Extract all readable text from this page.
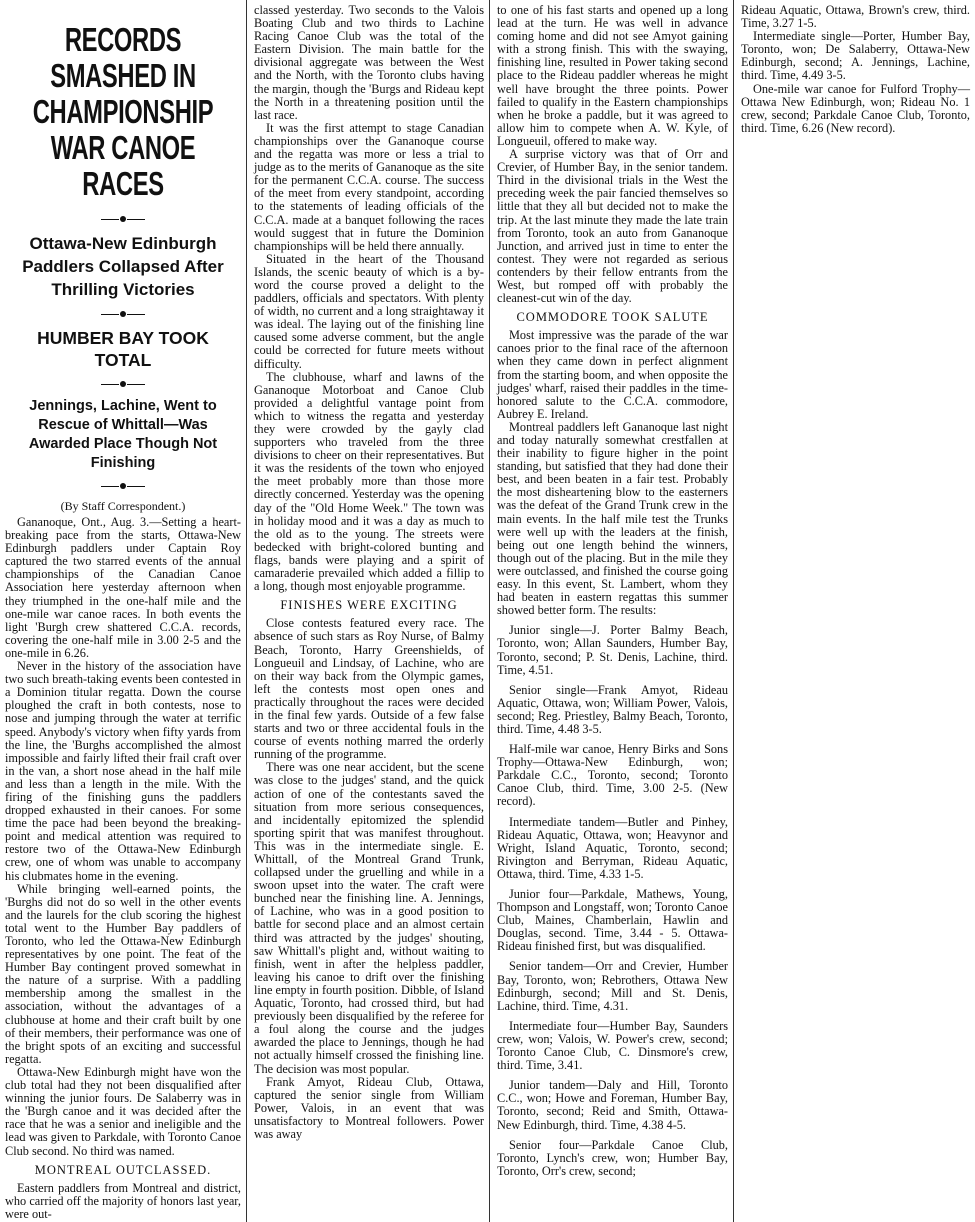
RECORDS SMASHED IN CHAMPIONSHIP WAR CANOE RACES
Ottawa-New Edinburgh Paddlers Collapsed After Thrilling Victories
HUMBER BAY TOOK TOTAL
Jennings, Lachine, Went to Rescue of Whittall—Was Awarded Place Though Not Finishing
(By Staff Correspondent.)

Gananoque, Ont., Aug. 3.—Setting a heart-breaking pace from the starts, Ottawa-New Edinburgh paddlers under Captain Roy captured the two starred events of the annual championships of the Canadian Canoe Association here yesterday afternoon when they triumphed in the one-half mile and the one-mile war canoe races. In both events the light 'Burgh crew shattered C.C.A. records, covering the one-half mile in 3.00 2-5 and the one-mile in 6.26.

Never in the history of the association have two such breath-taking events been contested in a Dominion titular regatta. Down the course ploughed the craft in both contests, nose to nose and jumping through the water at terrific speed. Anybody's victory when fifty yards from the line, the 'Burghs accomplished the almost impossible and fairly lifted their frail craft over in the van, a short nose ahead in the half mile and less than a length in the mile. With the firing of the finishing guns the paddlers dropped exhausted in their canoes. For some time the pace had been beyond the breaking-point and medical attention was required to restore two of the Ottawa-New Edinburgh crew, one of whom was unable to accompany his clubmates home in the evening.

While bringing well-earned points, the 'Burghs did not do so well in the other events and the laurels for the club scoring the highest total went to the Humber Bay paddlers of Toronto, who led the Ottawa-New Edinburgh representatives by one point. The feat of the Humber Bay contingent proved somewhat in the nature of a surprise. With a paddling membership among the smallest in the association, without the advantages of a clubhouse at home and their craft built by one of their members, their performance was one of the bright spots of an exciting and successful regatta.

Ottawa-New Edinburgh might have won the club total had they not been disqualified after winning the junior fours. De Salaberry was in the 'Burgh canoe and it was decided after the race that he was a senior and ineligible and the lead was given to Parkdale, with Toronto Canoe Club second. No third was named.

MONTREAL OUTCLASSED.

Eastern paddlers from Montreal and district, who carried off the majority of honors last year, were out-

classed yesterday. Two seconds to the Valois Boating Club and two thirds to Lachine Racing Canoe Club was the total of the Eastern Division. The main battle for the divisional aggregate was between the West and the North, with the Toronto clubs having the margin, though the 'Burgs and Rideau kept the North in a threatening position until the last race.

It was the first attempt to stage Canadian championships over the Gananoque course and the regatta was more or less a trial to judge as to the merits of Gananoque as the site for the permanent C.C.A. course. The success of the meet from every standpoint, according to the statements of leading officials of the C.C.A. made at a banquet following the races would suggest that in future the Dominion championships will be held there annually.

Situated in the heart of the Thousand Islands, the scenic beauty of which is a by-word the course proved a delight to the paddlers, officials and spectators. With plenty of width, no current and a long straightaway it was ideal. The laying out of the finishing line caused some adverse comment, but the angle could be corrected for future meets without difficulty.

The clubhouse, wharf and lawns of the Gananoque Motorboat and Canoe Club provided a delightful vantage point from which to witness the regatta and yesterday they were crowded by the gayly clad supporters who traveled from the three divisions to cheer on their representatives. But it was the residents of the town who enjoyed the meet probably more than those more directly concerned. Yesterday was the opening day of the "Old Home Week." The town was in holiday mood and it was a day as much to the old as to the young. The streets were bedecked with bright-colored bunting and flags, bands were playing and a spirit of camaraderie prevailed which added a fillip to a long, though most enjoyable programme.

FINISHES WERE EXCITING

Close contests featured every race. The absence of such stars as Roy Nurse, of Balmy Beach, Toronto, Harry Greenshields, of Longueuil and Lindsay, of Lachine, who are on their way back from the Olympic games, left the contests most open ones and practically throughout the races were decided in the final few yards. Outside of a few false starts and two or three accidental fouls in the course of events nothing marred the orderly running of the programme.

There was one near accident, but the scene was close to the judges' stand, and the quick action of one of the contestants saved the situation from more serious consequences, and incidentally epitomized the splendid sporting spirit that was manifest throughout. This was in the intermediate single. E. Whittall, of the Montreal Grand Trunk, collapsed under the gruelling and while in a swoon upset into the water. The craft were bunched near the finishing line. A. Jennings, of Lachine, who was in a good position to battle for second place and an almost certain third was attracted by the judges' shouting, saw Whittall's plight and, without waiting to finish, went in after the helpless paddler, leaving his canoe to drift over the finishing line empty in fourth position. Dibble, of Island Aquatic, Toronto, had crossed third, but had previously been disqualified by the referee for a foul along the course and the judges awarded the place to Jennings, though he had not actually himself crossed the finishing line. The decision was most popular.

Frank Amyot, Rideau Club, Ottawa, captured the senior single from William Power, Valois, in an event that was unsatisfactory to Montreal followers. Power was away

to one of his fast starts and opened up a long lead at the turn. He was well in advance coming home and did not see Amyot gaining with a strong finish. This with the swaying, finishing line, resulted in Power taking second place to the Rideau paddler whereas he might well have brought the three points. Power failed to qualify in the Eastern championships when he broke a paddle, but it was agreed to allow him to compete when A. W. Kyle, of Longueuil, offered to make way.

A surprise victory was that of Orr and Crevier, of Humber Bay, in the senior tandem. Third in the divisional trials in the West the preceding week the pair fancied themselves so little that they all but decided not to make the trip. At the last minute they made the late train from Toronto, took an auto from Gananoque Junction, and arrived just in time to enter the contest. They were not regarded as serious contenders by their fellow entrants from the West, but romped off with probably the cleanest-cut win of the day.

COMMODORE TOOK SALUTE

Most impressive was the parade of the war canoes prior to the final race of the afternoon when they came down in perfect alignment from the starting boom, and when opposite the judges' wharf, raised their paddles in the time-honored salute to the C.C.A. commodore, Aubrey E. Ireland.

Montreal paddlers left Gananoque last night and today naturally somewhat crestfallen at their inability to figure higher in the point standing, but satisfied that they had done their best, and been beaten in a fair test. Probably the most disheartening blow to the easterners was the defeat of the Grand Trunk crew in the main events. In the half mile test the Trunks were well up with the leaders at the finish, being out one length behind the winners, though out of the placing. But in the mile they were outclassed, and finished the course going easy. In this event, St. Lambert, whom they had beaten in eastern regattas this summer showed better form. The results:

Junior single—J. Porter Balmy Beach, Toronto, won; Allan Saunders, Humber Bay, Toronto, second; P. St. Denis, Lachine, third. Time, 4.51.

Senior single—Frank Amyot, Rideau Aquatic, Ottawa, won; William Power, Valois, second; Reg. Priestley, Balmy Beach, Toronto, third. Time, 4.48 3-5.

Half-mile war canoe, Henry Birks and Sons Trophy—Ottawa-New Edinburgh, won; Parkdale C.C., Toronto, second; Toronto Canoe Club, third. Time, 3.00 2-5. (New record).

Intermediate tandem—Butler and Pinhey, Rideau Aquatic, Ottawa, won; Heavynor and Wright, Island Aquatic, Toronto, second; Rivington and Berryman, Rideau Aquatic, Ottawa, third. Time, 4.33 1-5.

Junior four—Parkdale, Mathews, Young, Thompson and Longstaff, won; Toronto Canoe Club, Maines, Chamberlain, Hawlin and Douglas, second. Time, 3.44 - 5. Ottawa-Rideau finished first, but was disqualified.

Senior tandem—Orr and Crevier, Humber Bay, Toronto, won; Rebrothers, Ottawa New Edinburgh, second; Mill and St. Denis, Lachine, third. Time, 4.31.

Intermediate four—Humber Bay, Saunders crew, won; Valois, W. Power's crew, second; Toronto Canoe Club, C. Dinsmore's crew, third. Time, 3.41.

Junior tandem—Daly and Hill, Toronto C.C., won; Howe and Foreman, Humber Bay, Toronto, second; Reid and Smith, Ottawa-New Edinburgh, third. Time, 4.38 4-5.

Senior four—Parkdale Canoe Club, Toronto, Lynch's crew, won; Humber Bay, Toronto, Orr's crew, second;

Rideau Aquatic, Ottawa, Brown's crew, third. Time, 3.27 1-5.

Intermediate single—Porter, Humber Bay, Toronto, won; De Salaberry, Ottawa-New Edinburgh, second; A. Jennings, Lachine, third. Time, 4.49 3-5.

One-mile war canoe for Fulford Trophy—Ottawa New Edinburgh, won; Rideau No. 1 crew, second; Parkdale Canoe Club, Toronto, third. Time, 6.26 (New record).
